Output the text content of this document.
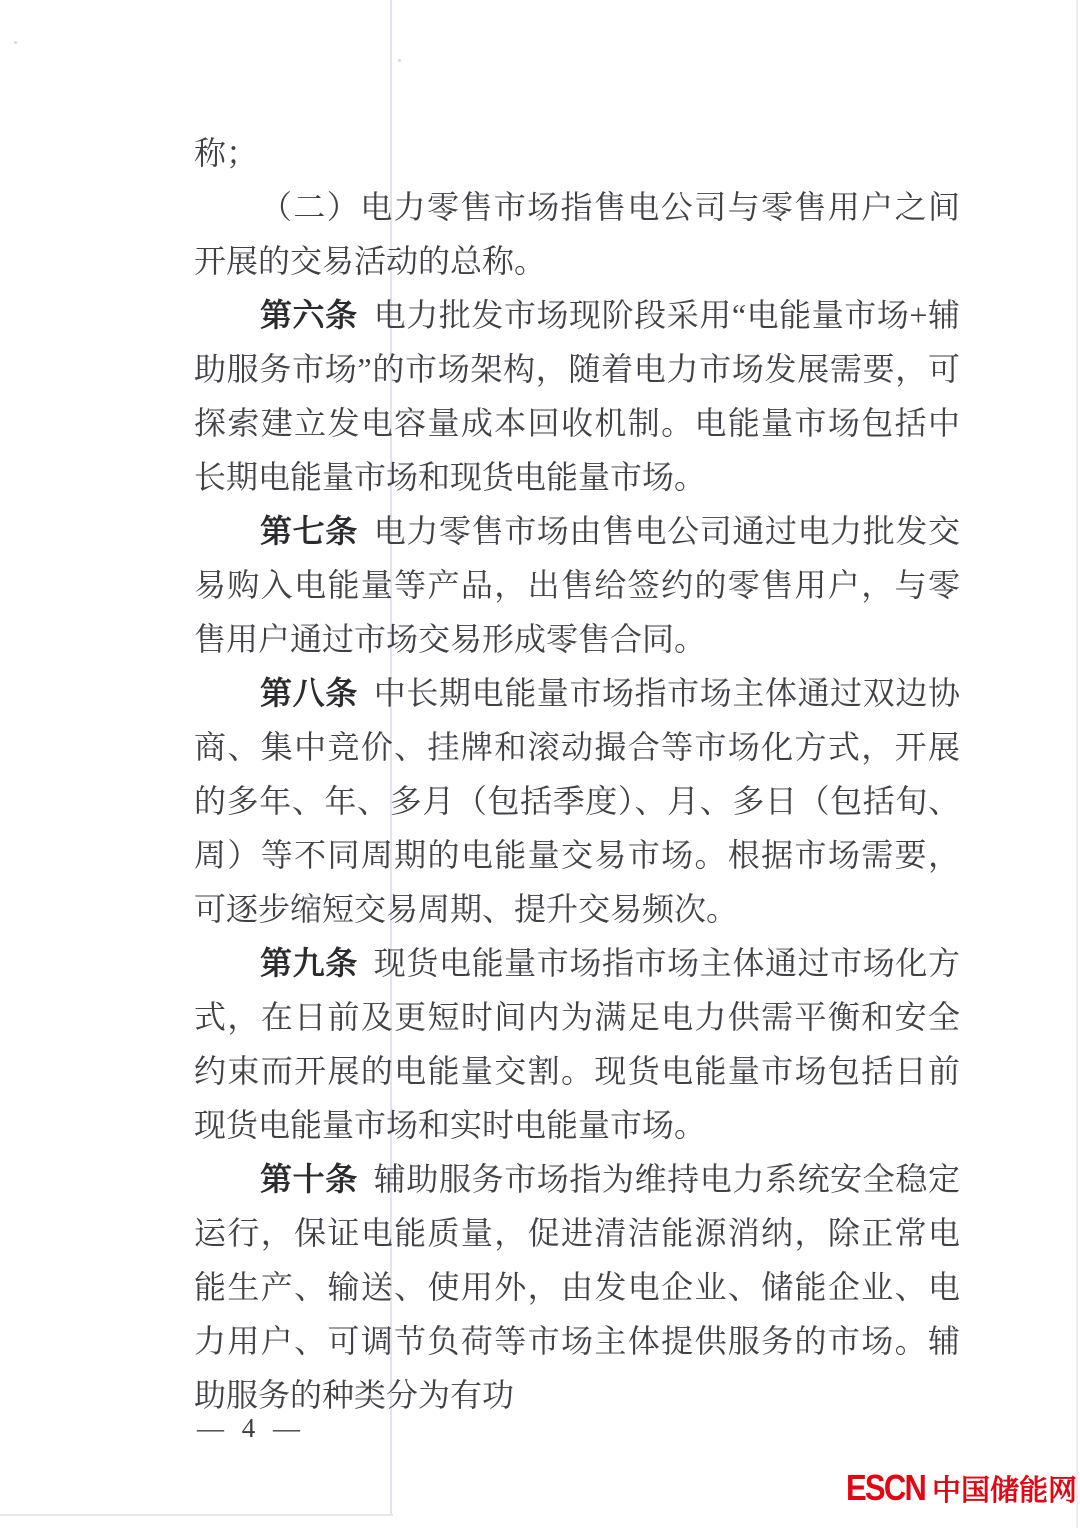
称；

（二）电力零售市场指售电公司与零售用户之间开展的交易活动的总称。

第六条 电力批发市场现阶段采用“电能量市场+辅助服务市场”的市场架构，随着电力市场发展需要，可探索建立发电容量成本回收机制。电能量市场包括中长期电能量市场和现货电能量市场。

第七条 电力零售市场由售电公司通过电力批发交易购入电能量等产品，出售给签约的零售用户，与零售用户通过市场交易形成零售合同。

第八条 中长期电能量市场指市场主体通过双边协商、集中竞价、挂牌和滚动撮合等市场化方式，开展的多年、年、多月（包括季度）、月、多日（包括旬、周）等不同周期的电能量交易市场。根据市场需要，可逐步缩短交易周期、提升交易频次。

第九条 现货电能量市场指市场主体通过市场化方式，在日前及更短时间内为满足电力供需平衡和安全约束而开展的电能量交割。现货电能量市场包括日前现货电能量市场和实时电能量市场。

第十条 辅助服务市场指为维持电力系统安全稳定运行，保证电能质量，促进清洁能源消纳，除正常电能生产、输送、使用外，由发电企业、储能企业、电力用户、可调节负荷等市场主体提供服务的市场。辅助服务的种类分为有功

— 4 —
ESCN 中国储能网
